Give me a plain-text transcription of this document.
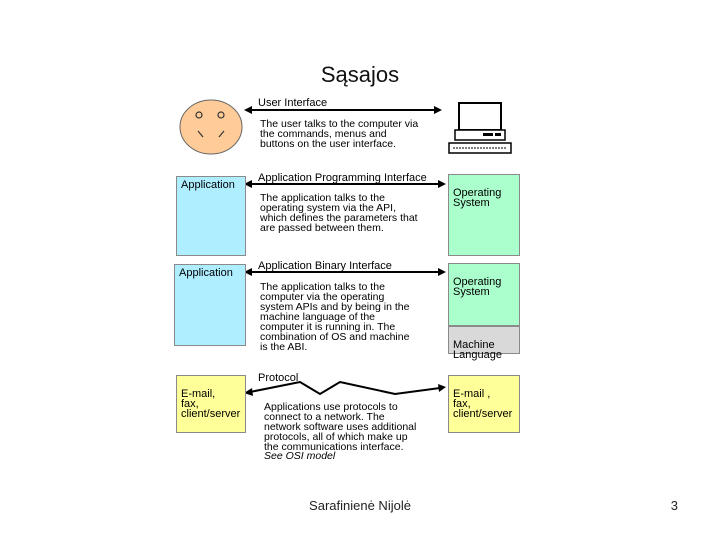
Sąsajos
User Interface
The user talks to the computer via
the commands, menus and
buttons on the user interface.
Application
Application Programming Interface
The application talks to the
operating system via the API,
which defines the parameters that
are passed between them.

Operating
System

Application
Application Binary Interface
The application talks to the
computer via the operating
system APIs and by being in the
machine language of the
computer it is running in. The
combination of OS and machine
is the ABI.

Operating
System

Machine
Language

E-mail,
fax,
client/server

Protocol
Applications use protocols to
connect to a network. The
network software uses additional
protocols, all of which make up
the communications interface.
See OSI model

E-mail ,
fax,
client/server

Sarafinienė Nijolė	3
